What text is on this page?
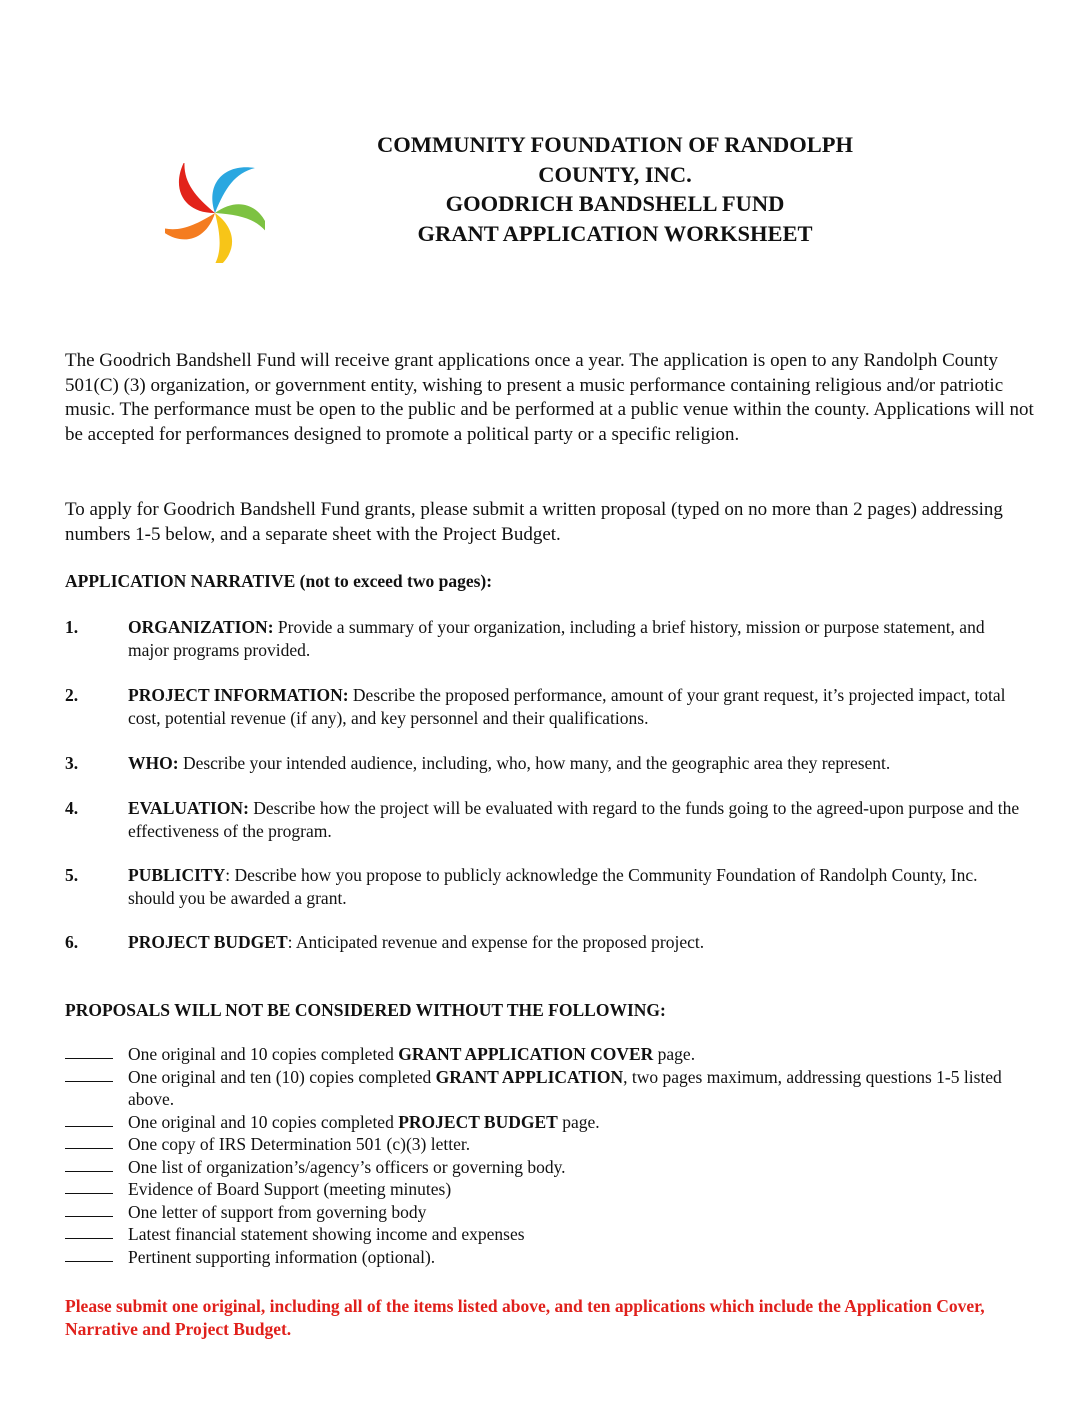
COMMUNITY FOUNDATION OF RANDOLPH
COUNTY, INC.
GOODRICH BANDSHELL FUND
GRANT APPLICATION WORKSHEET
The Goodrich Bandshell Fund will receive grant applications once a year. The application is open to any Randolph County 501(C) (3) organization, or government entity, wishing to present a music performance containing religious and/or patriotic music. The performance must be open to the public and be performed at a public venue within the county. Applications will not be accepted for performances designed to promote a political party or a specific religion.
To apply for Goodrich Bandshell Fund grants, please submit a written proposal (typed on no more than 2 pages) addressing numbers 1-5 below, and a separate sheet with the Project Budget.
APPLICATION NARRATIVE (not to exceed two pages):
1.	ORGANIZATION: Provide a summary of your organization, including a brief history, mission or purpose statement, and major programs provided.
2.	PROJECT INFORMATION: Describe the proposed performance, amount of your grant request, it’s projected impact, total cost, potential revenue (if any), and key personnel and their qualifications.
3.	WHO: Describe your intended audience, including, who, how many, and the geographic area they represent.
4.	EVALUATION: Describe how the project will be evaluated with regard to the funds going to the agreed-upon purpose and the effectiveness of the program.
5.	PUBLICITY: Describe how you propose to publicly acknowledge the Community Foundation of Randolph County, Inc. should you be awarded a grant.
6.	PROJECT BUDGET: Anticipated revenue and expense for the proposed project.
PROPOSALS WILL NOT BE CONSIDERED WITHOUT THE FOLLOWING:
One original and 10 copies completed GRANT APPLICATION COVER page.
One original and ten (10) copies completed GRANT APPLICATION, two pages maximum, addressing questions 1-5 listed above.
One original and 10 copies completed PROJECT BUDGET page.
One copy of IRS Determination 501 (c)(3) letter.
One list of organization’s/agency’s officers or governing body.
Evidence of Board Support (meeting minutes)
One letter of support from governing body
Latest financial statement showing income and expenses
Pertinent supporting information (optional).
Please submit one original, including all of the items listed above, and ten applications which include the Application Cover, Narrative and Project Budget.
